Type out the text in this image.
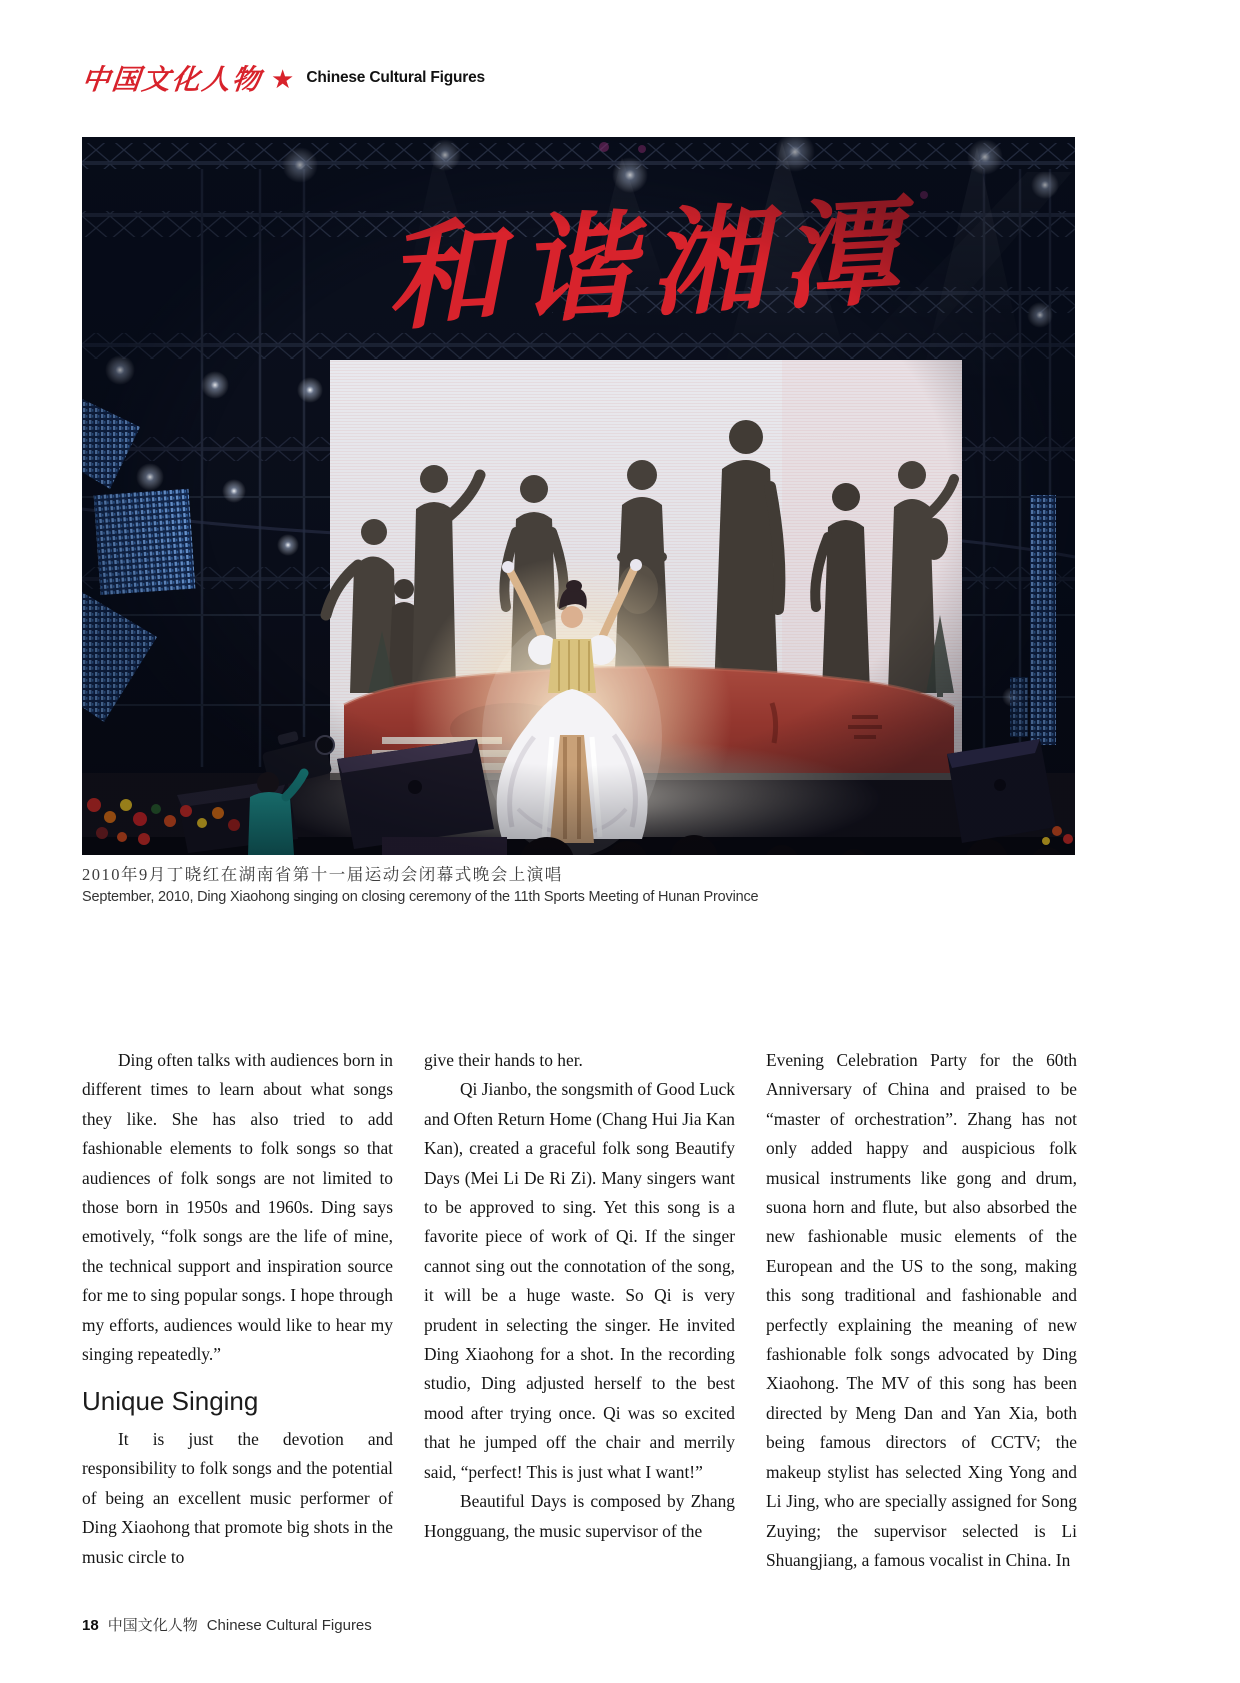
中国文化人物 ★ Chinese Cultural Figures
2010年9月丁晓红在湖南省第十一届运动会闭幕式晚会上演唱
September, 2010, Ding Xiaohong singing on closing ceremony of the 11th Sports Meeting of Hunan Province

Ding often talks with audiences born in different times to learn about what songs they like. She has also tried to add fashionable elements to folk songs so that audiences of folk songs are not limited to those born in 1950s and 1960s. Ding says emotively, “folk songs are the life of mine, the technical support and inspiration source for me to sing popular songs. I hope through my efforts, audiences would like to hear my singing repeatedly.”

Unique Singing

It is just the devotion and responsibility to folk songs and the potential of being an excellent music performer of Ding Xiaohong that promote big shots in the music circle to

give their hands to her.

Qi Jianbo, the songsmith of Good Luck and Often Return Home (Chang Hui Jia Kan Kan), created a graceful folk song Beautify Days (Mei Li De Ri Zi). Many singers want to be approved to sing. Yet this song is a favorite piece of work of Qi. If the singer cannot sing out the connotation of the song, it will be a huge waste. So Qi is very prudent in selecting the singer. He invited Ding Xiaohong for a shot. In the recording studio, Ding adjusted herself to the best mood after trying once. Qi was so excited that he jumped off the chair and merrily said, “perfect! This is just what I want!”

Beautiful Days is composed by Zhang Hongguang, the music supervisor of the

Evening Celebration Party for the 60th Anniversary of China and praised to be “master of orchestration”. Zhang has not only added happy and auspicious folk musical instruments like gong and drum, suona horn and flute, but also absorbed the new fashionable music elements of the European and the US to the song, making this song traditional and fashionable and perfectly explaining the meaning of new fashionable folk songs advocated by Ding Xiaohong. The MV of this song has been directed by Meng Dan and Yan Xia, both being famous directors of CCTV; the makeup stylist has selected Xing Yong and Li Jing, who are specially assigned for Song Zuying; the supervisor selected is Li Shuangjiang, a famous vocalist in China. In

18 中国文化人物 Chinese Cultural Figures
